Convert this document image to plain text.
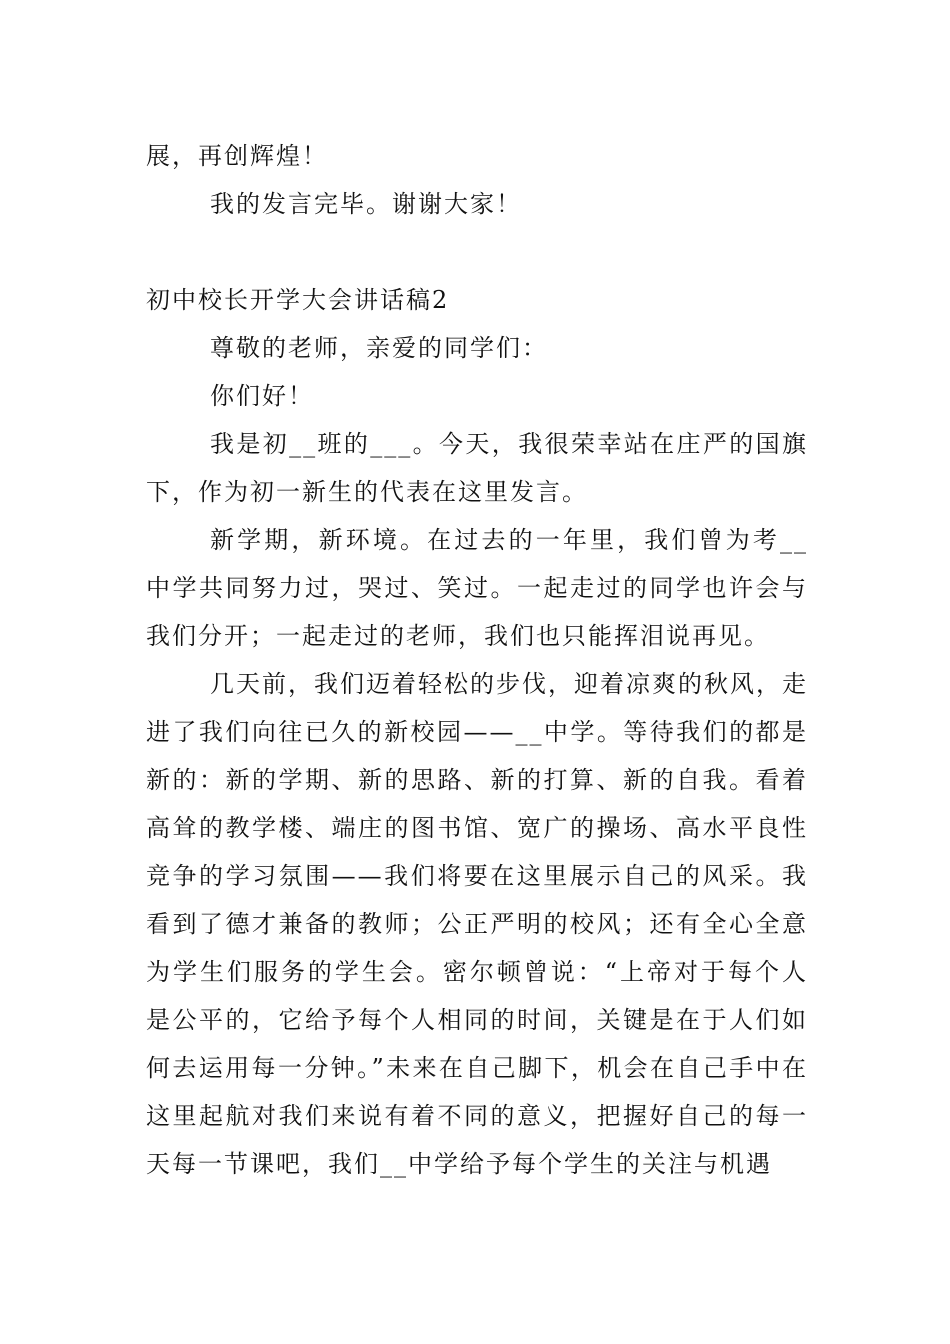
展，再创辉煌！

我的发言完毕。谢谢大家！

初中校长开学大会讲话稿2

尊敬的老师，亲爱的同学们：

你们好！

我是初__班的___。今天，我很荣幸站在庄严的国旗下，作为初一新生的代表在这里发言。

新学期，新环境。在过去的一年里，我们曾为考__中学共同努力过，哭过、笑过。一起走过的同学也许会与我们分开；一起走过的老师，我们也只能挥泪说再见。

几天前，我们迈着轻松的步伐，迎着凉爽的秋风，走进了我们向往已久的新校园——__中学。等待我们的都是新的：新的学期、新的思路、新的打算、新的自我。看着高耸的教学楼、端庄的图书馆、宽广的操场、高水平良性竞争的学习氛围——我们将要在这里展示自己的风采。我看到了德才兼备的教师；公正严明的校风；还有全心全意为学生们服务的学生会。密尔顿曾说：“上帝对于每个人是公平的，它给予每个人相同的时间，关键是在于人们如何去运用每一分钟。”未来在自己脚下，机会在自己手中在这里起航对我们来说有着不同的意义，把握好自己的每一天每一节课吧，我们__中学给予每个学生的关注与机遇
